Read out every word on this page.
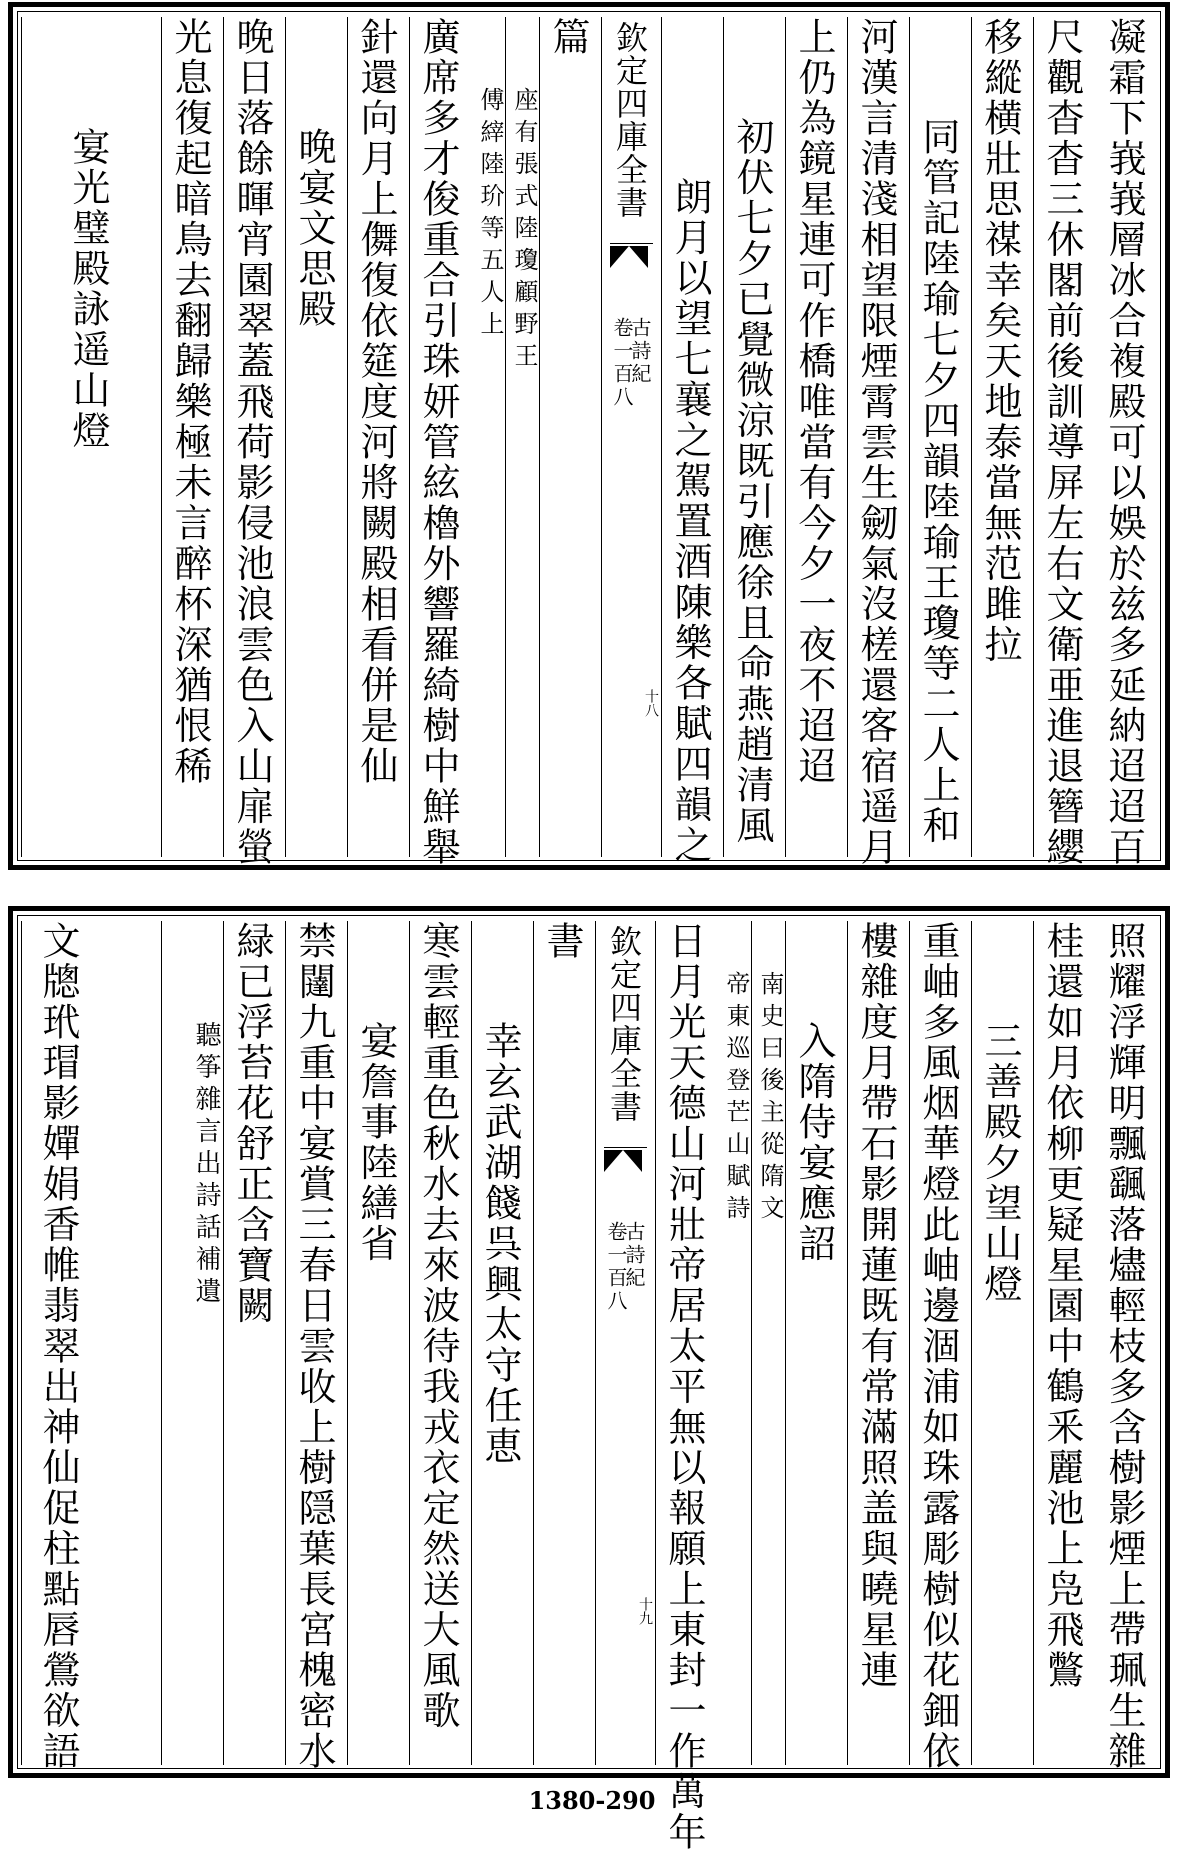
凝霜下峩峩層冰合複殿可以娛於兹多延納迢迢百
尺觀杳杳三休閣前後訓導屏左右文衛亜進退簪纓
移縱横壯思禖幸矣天地泰當無范雎拉
同管記陸瑜七夕四韻陸瑜王瓊等二人上和
河漢言清淺相望限煙霄雲生劒氣沒槎還客宿遥月
上仍為鏡星連可作橋唯當有今夕一夜不迢迢
初伏七夕已覺微涼既引應徐且命燕趙清風
朗月以望七襄之駕置酒陳樂各賦四韻之
欽定四庫全書
古詩紀
卷一百八
十八
篇
座有張式陸瓊顧野王
傅縡陸玠等五人上
廣席多才俊重合引珠妍管絃櫓外響羅綺樹中鮮舉
針還向月上儛復依筵度河將闕殿相看併是仙
晚宴文思殿
晚日落餘暉宵園翠蓋飛荷影侵池浪雲色入山扉螢
光息復起暗鳥去翻歸樂極未言醉杯深猶恨稀
宴光璧殿詠遥山燈
照耀浮輝明飄颻落燼輕枝多含樹影煙上帶珮生雜
桂還如月依柳更疑星園中鶴釆麗池上凫飛鷩
三善殿夕望山燈
重岫多風烟華燈此岫邊涸浦如珠露彫樹似花鈿依
樓雜度月帶石影開蓮既有常滿照盖與曉星連
入隋侍宴應詔
南史曰後主從隋文
帝東巡登芒山賦詩
日月光天德山河壯帝居太平無以報願上東封一作萬年
欽定四庫全書
古詩紀
卷一百八
十九
書
幸玄武湖餞呉興太守任恵
寒雲輕重色秋水去來波待我戎衣定然送大風歌
宴詹事陸繕省
禁闥九重中宴賞三春日雲收上樹隠葉長宮槐密水
緑已浮苔花舒正含寶闕
聽筝雜言出詩話補遺
文牕玳瑁影嬋娟香帷翡翠出神仙促柱點唇鶯欲語
1380-290
